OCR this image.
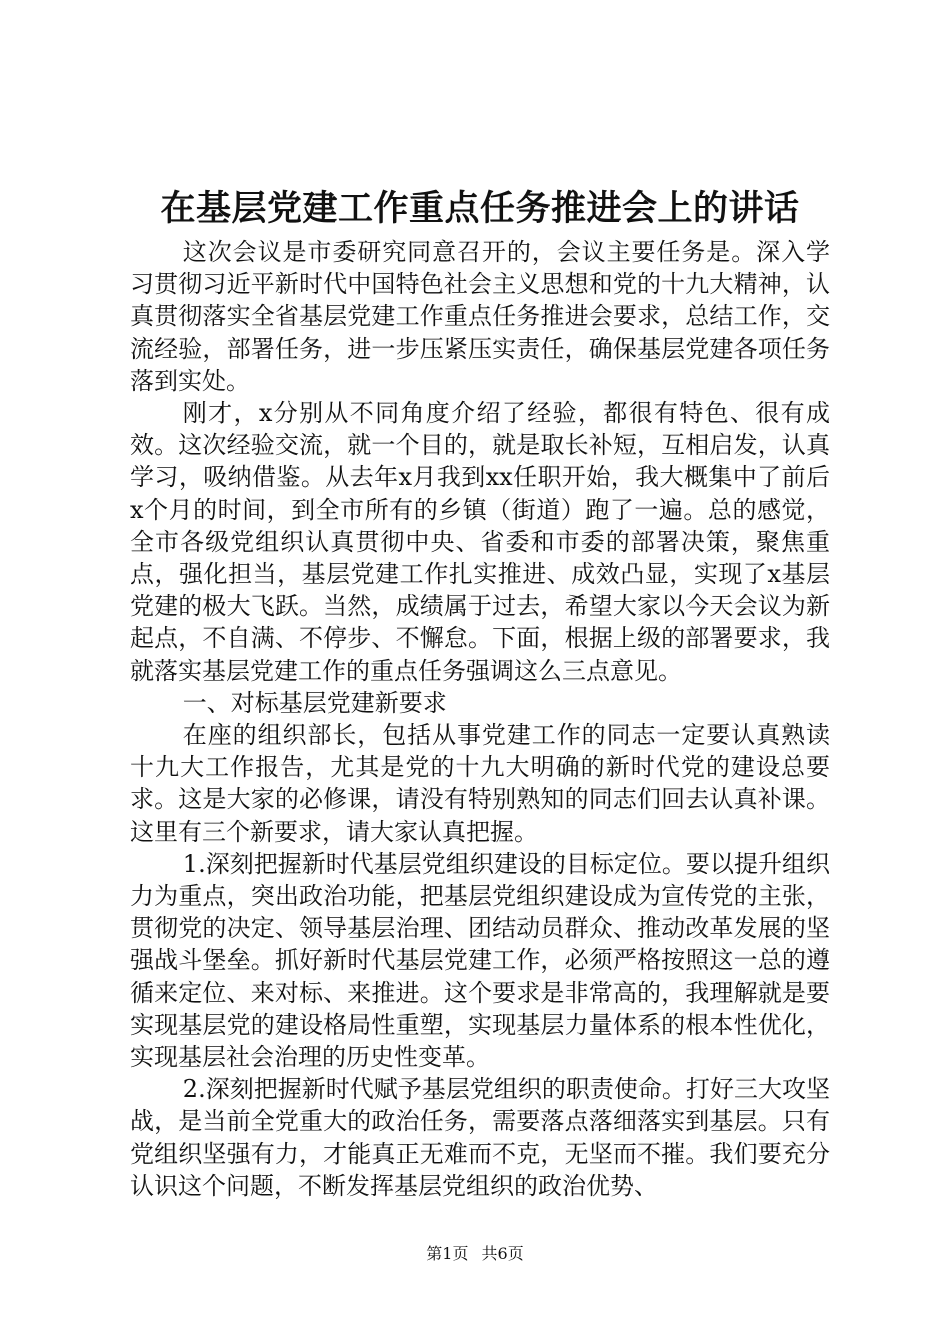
在基层党建工作重点任务推进会上的讲话

这次会议是市委研究同意召开的，会议主要任务是。深入学习贯彻习近平新时代中国特色社会主义思想和党的十九大精神，认真贯彻落实全省基层党建工作重点任务推进会要求，总结工作，交流经验，部署任务，进一步压紧压实责任，确保基层党建各项任务落到实处。

刚才，x分别从不同角度介绍了经验，都很有特色、很有成效。这次经验交流，就一个目的，就是取长补短，互相启发，认真学习，吸纳借鉴。从去年x月我到xx任职开始，我大概集中了前后x个月的时间，到全市所有的乡镇（街道）跑了一遍。总的感觉，全市各级党组织认真贯彻中央、省委和市委的部署决策，聚焦重点，强化担当，基层党建工作扎实推进、成效凸显，实现了x基层党建的极大飞跃。当然，成绩属于过去，希望大家以今天会议为新起点，不自满、不停步、不懈怠。下面，根据上级的部署要求，我就落实基层党建工作的重点任务强调这么三点意见。

一、对标基层党建新要求

在座的组织部长，包括从事党建工作的同志一定要认真熟读十九大工作报告，尤其是党的十九大明确的新时代党的建设总要求。这是大家的必修课，请没有特别熟知的同志们回去认真补课。这里有三个新要求，请大家认真把握。

1.深刻把握新时代基层党组织建设的目标定位。要以提升组织力为重点，突出政治功能，把基层党组织建设成为宣传党的主张，贯彻党的决定、领导基层治理、团结动员群众、推动改革发展的坚强战斗堡垒。抓好新时代基层党建工作，必须严格按照这一总的遵循来定位、来对标、来推进。这个要求是非常高的，我理解就是要实现基层党的建设格局性重塑，实现基层力量体系的根本性优化，实现基层社会治理的历史性变革。

2.深刻把握新时代赋予基层党组织的职责使命。打好三大攻坚战，是当前全党重大的政治任务，需要落点落细落实到基层。只有党组织坚强有力，才能真正无难而不克，无坚而不摧。我们要充分认识这个问题，不断发挥基层党组织的政治优势、

第1页 共6页
